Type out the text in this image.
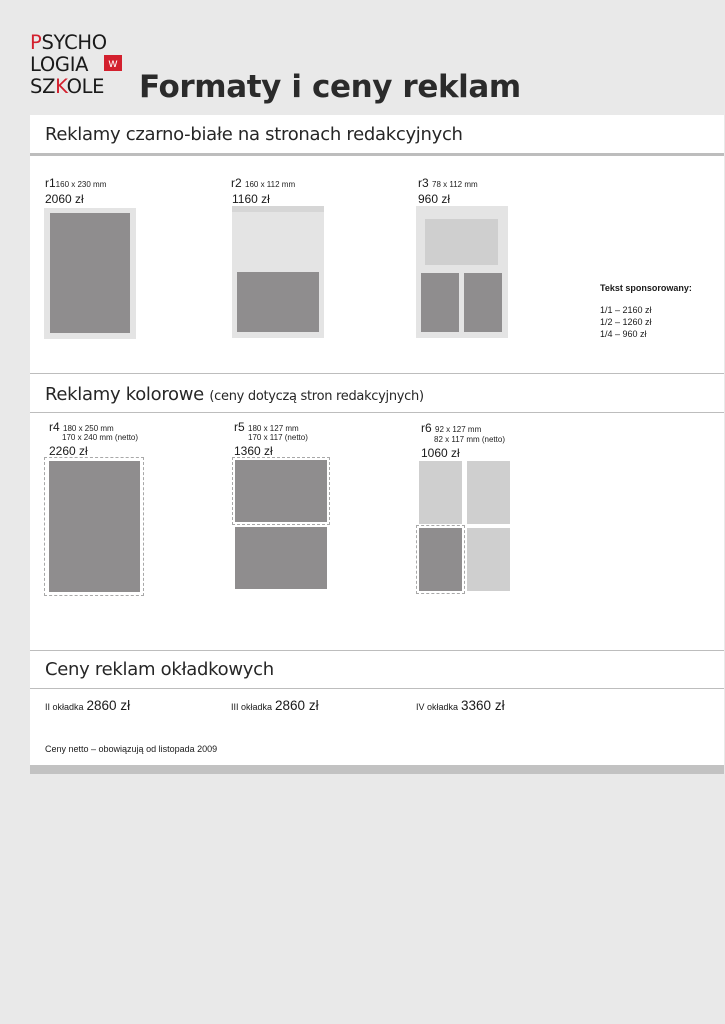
PSYCHO
LOGIA	w
SZKOLE Formaty i ceny reklam
Reklamy czarno-białe na stronach redakcyjnych
r1160 x 230 mm
2060 zł
r2 160 x 112 mm
1160 zł
r3 78 x 112 mm
960 zł
Tekst sponsorowany:
1/1 – 2160 zł
1/2 – 1260 zł
1/4 – 960 zł
Reklamy kolorowe (ceny dotyczą stron redakcyjnych)
r4 180 x 250 mm
170 x 240 mm (netto)
2260 zł
r5 180 x 127 mm
170 x 117 (netto)
1360 zł
r6 92 x 127 mm
82 x 117 mm (netto)
1060 zł
Ceny reklam okładkowych
II okładka 2860 zł	III okładka 2860 zł	IV okładka 3360 zł
Ceny netto – obowiązują od listopada 2009
